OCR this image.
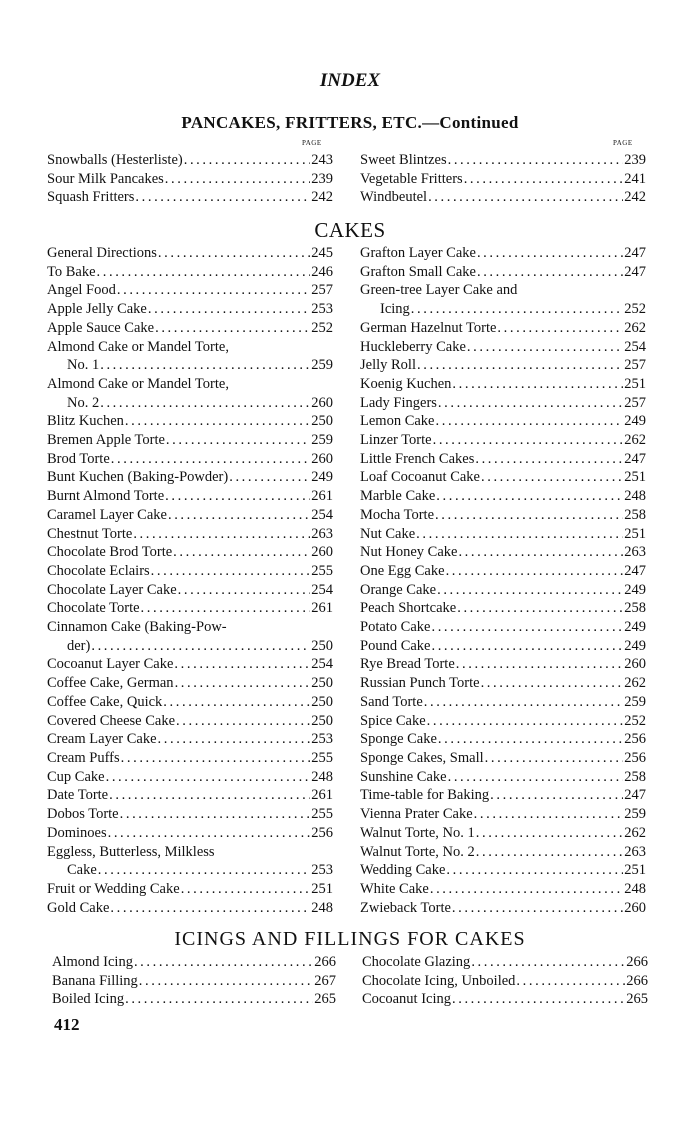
INDEX
PANCAKES, FRITTERS, ETC.—Continued
PAGE	PAGE
Snowballs (Hesterliste) .....	243
Sour Milk Pancakes .....	239
Squash Fritters .....	242
Sweet Blintzes .....	239
Vegetable Fritters .....	241
Windbeutel .....	242
CAKES
General Directions .....	245
To Bake .....	246
Angel Food .....	257
Apple Jelly Cake .....	253
Apple Sauce Cake .....	252
Almond Cake or Mandel Torte,
No. 1 .....	259
Almond Cake or Mandel Torte,
No. 2 .....	260
Blitz Kuchen .....	250
Bremen Apple Torte .....	259
Brod Torte .....	260
Bunt Kuchen (Baking-Powder) .....	249
Burnt Almond Torte .....	261
Caramel Layer Cake .....	254
Chestnut Torte .....	263
Chocolate Brod Torte .....	260
Chocolate Eclairs .....	255
Chocolate Layer Cake .....	254
Chocolate Torte .....	261
Cinnamon Cake (Baking-Pow-
der) .....	250
Cocoanut Layer Cake .....	254
Coffee Cake, German .....	250
Coffee Cake, Quick .....	250
Covered Cheese Cake .....	250
Cream Layer Cake .....	253
Cream Puffs .....	255
Cup Cake .....	248
Date Torte .....	261
Dobos Torte .....	255
Dominoes .....	256
Eggless, Butterless, Milkless
Cake .....	253
Fruit or Wedding Cake .....	251
Gold Cake .....	248
Grafton Layer Cake .....	247
Grafton Small Cake .....	247
Green-tree Layer Cake and
Icing .....	252
German Hazelnut Torte .....	262
Huckleberry Cake .....	254
Jelly Roll .....	257
Koenig Kuchen .....	251
Lady Fingers .....	257
Lemon Cake .....	249
Linzer Torte .....	262
Little French Cakes .....	247
Loaf Cocoanut Cake .....	251
Marble Cake .....	248
Mocha Torte .....	258
Nut Cake .....	251
Nut Honey Cake .....	263
One Egg Cake .....	247
Orange Cake .....	249
Peach Shortcake .....	258
Potato Cake .....	249
Pound Cake .....	249
Rye Bread Torte .....	260
Russian Punch Torte .....	262
Sand Torte .....	259
Spice Cake .....	252
Sponge Cake .....	256
Sponge Cakes, Small .....	256
Sunshine Cake .....	258
Time-table for Baking .....	247
Vienna Prater Cake .....	259
Walnut Torte, No. 1 .....	262
Walnut Torte, No. 2 .....	263
Wedding Cake .....	251
White Cake .....	248
Zwieback Torte .....	260
ICINGS AND FILLINGS FOR CAKES
Almond Icing .....	266
Banana Filling .....	267
Boiled Icing .....	265
Chocolate Glazing .....	266
Chocolate Icing, Unboiled .....	266
Cocoanut Icing .....	265
412
